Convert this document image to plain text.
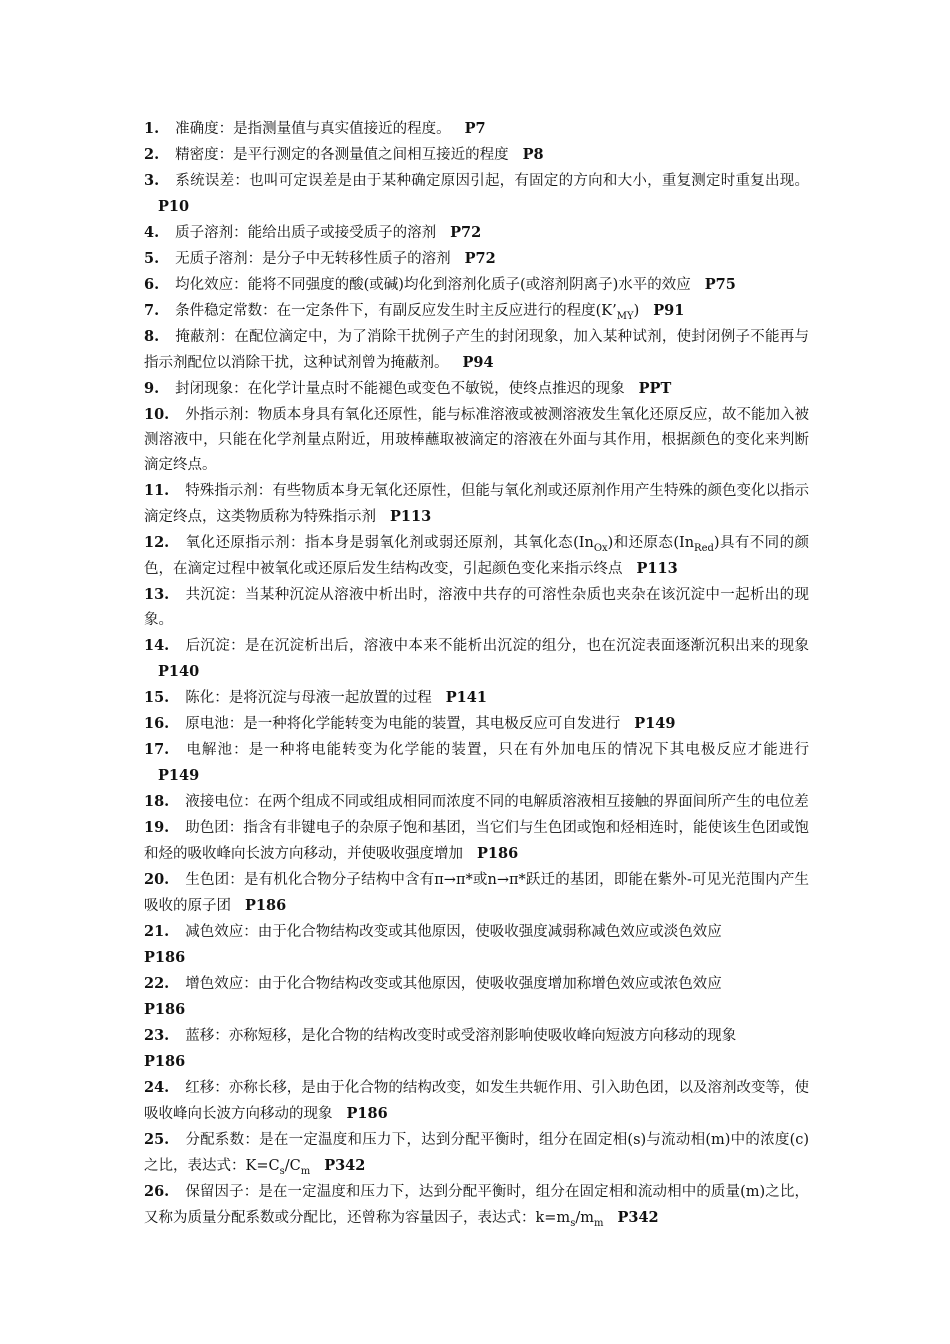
1. 准确度：是指测量值与真实值接近的程度。 P7

2. 精密度：是平行测定的各测量值之间相互接近的程度 P8

3. 系统误差：也叫可定误差是由于某种确定原因引起，有固定的方向和大小，重复测定时重复出现。P10

4. 质子溶剂：能给出质子或接受质子的溶剂 P72

5. 无质子溶剂：是分子中无转移性质子的溶剂 P72

6. 均化效应：能将不同强度的酸(或碱)均化到溶剂化质子(或溶剂阴离子)水平的效应 P75

7. 条件稳定常数：在一定条件下，有副反应发生时主反应进行的程度$(K’_{MY})$ P91

8. 掩蔽剂：在配位滴定中，为了消除干扰例子产生的封闭现象，加入某种试剂，使封闭例子不能再与指示剂配位以消除干扰，这种试剂曾为掩蔽剂。 P94

9. 封闭现象：在化学计量点时不能褪色或变色不敏锐，使终点推迟的现象 PPT

10. 外指示剂：物质本身具有氧化还原性，能与标准溶液或被测溶液发生氧化还原反应，故不能加入被测溶液中，只能在化学剂量点附近，用玻棒蘸取被滴定的溶液在外面与其作用，根据颜色的变化来判断滴定终点。

11. 特殊指示剂：有些物质本身无氧化还原性，但能与氧化剂或还原剂作用产生特殊的颜色变化以指示滴定终点，这类物质称为特殊指示剂 P113

12. 氧化还原指示剂：指本身是弱氧化剂或弱还原剂，其氧化态$(In_{Ox})$和还原态$(In_{Red})$具有不同的颜色，在滴定过程中被氧化或还原后发生结构改变，引起颜色变化来指示终点 P113

13. 共沉淀：当某种沉淀从溶液中析出时，溶液中共存的可溶性杂质也夹杂在该沉淀中一起析出的现象。

14. 后沉淀：是在沉淀析出后，溶液中本来不能析出沉淀的组分，也在沉淀表面逐渐沉积出来的现象P140

15. 陈化：是将沉淀与母液一起放置的过程 P141

16. 原电池：是一种将化学能转变为电能的装置，其电极反应可自发进行 P149

17. 电解池：是一种将电能转变为化学能的装置，只在有外加电压的情况下其电极反应才能进行P149

18. 液接电位：在两个组成不同或组成相同而浓度不同的电解质溶液相互接触的界面间所产生的电位差

19. 助色团：指含有非键电子的杂原子饱和基团，当它们与生色团或饱和烃相连时，能使该生色团或饱和烃的吸收峰向长波方向移动，并使吸收强度增加 P186

20. 生色团：是有机化合物分子结构中含有π→π*或n→π*跃迁的基团，即能在紫外-可见光范围内产生吸收的原子团 P186

21. 减色效应：由于化合物结构改变或其他原因，使吸收强度减弱称减色效应或淡色效应
P186

22. 增色效应：由于化合物结构改变或其他原因，使吸收强度增加称增色效应或浓色效应
P186

23. 蓝移：亦称短移，是化合物的结构改变时或受溶剂影响使吸收峰向短波方向移动的现象
P186

24. 红移：亦称长移，是由于化合物的结构改变，如发生共轭作用、引入助色团，以及溶剂改变等，使吸收峰向长波方向移动的现象 P186

25. 分配系数：是在一定温度和压力下，达到分配平衡时，组分在固定相(s)与流动相(m)中的浓度(c)之比，表达式：$K=C_s/C_m$ P342

26. 保留因子：是在一定温度和压力下，达到分配平衡时，组分在固定相和流动相中的质量(m)之比，又称为质量分配系数或分配比，还曾称为容量因子，表达式：$k=m_s/m_m$ P342
